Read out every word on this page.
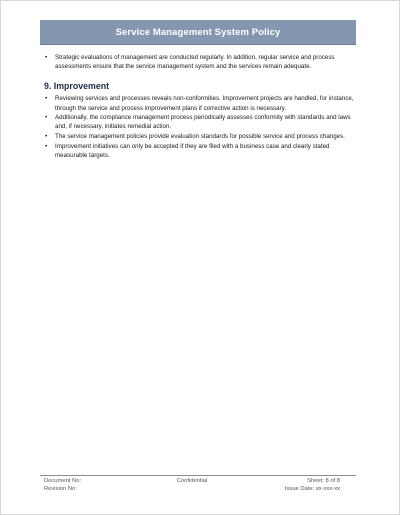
Service Management System Policy
• Strategic evaluations of management are conducted regularly. In addition, regular service and process assessments ensure that the service management system and the services remain adequate.
9. Improvement
• Reviewing services and processes reveals non-conformities. Improvement projects are handled, for instance, through the service and process improvement plans if corrective action is necessary.
• Additionally, the compliance management process periodically assesses conformity with standards and laws and, if necessary, initiates remedial action.
• The service management policies provide evaluation standards for possible service and process changes.
• Improvement initiatives can only be accepted if they are filed with a business case and clearly stated measurable targets.
Document No:	Confidential	Sheet: 8 of 8
Revision No:	Issue Date: xx-xxx-xx
